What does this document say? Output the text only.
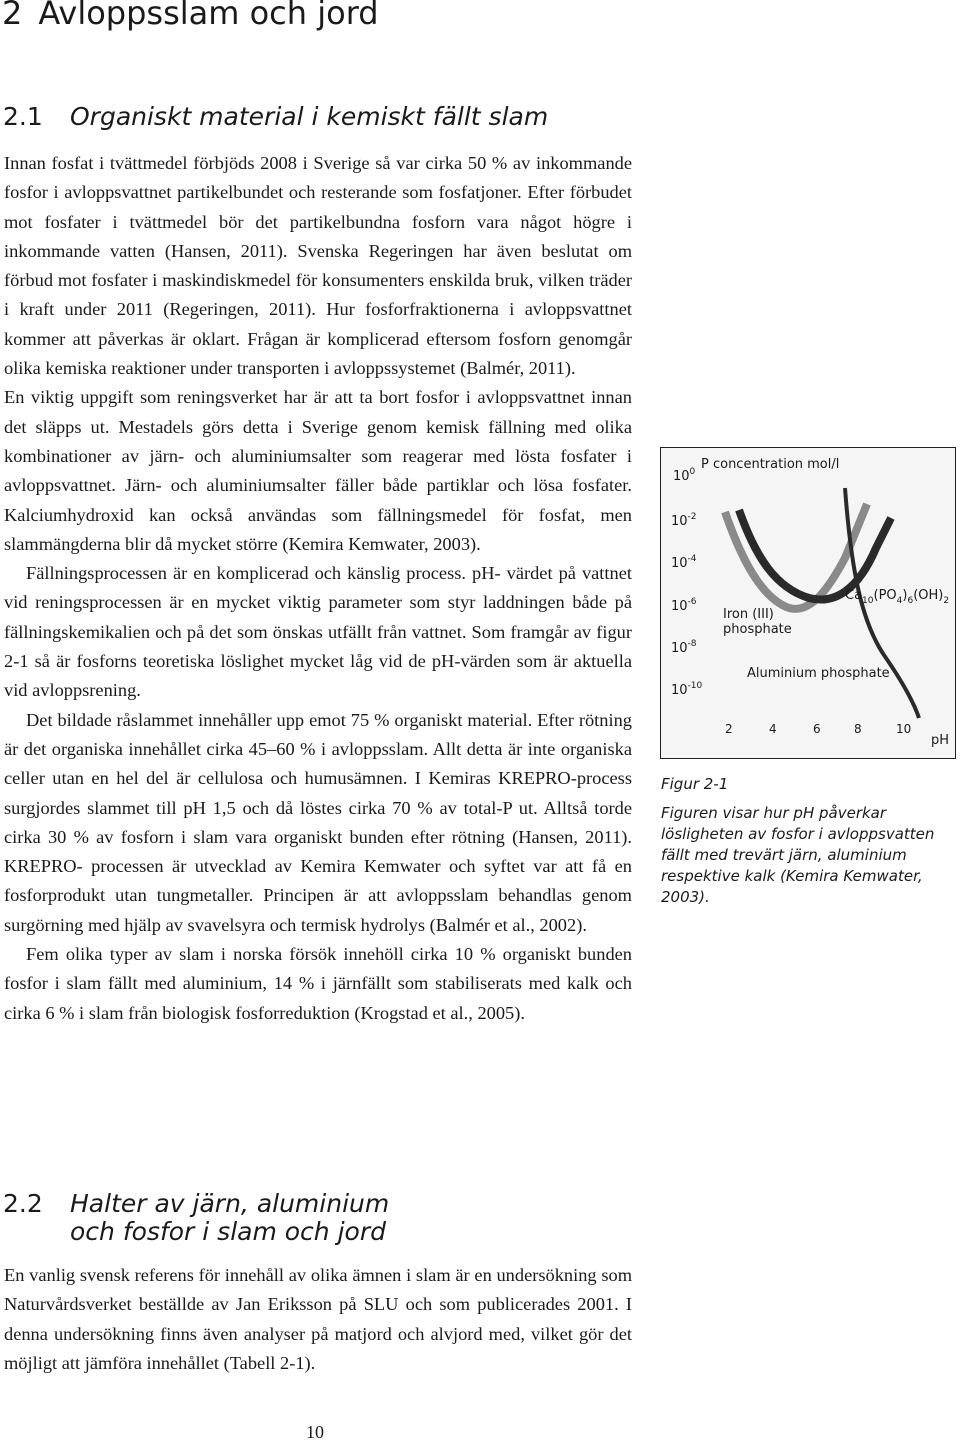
2 Avloppsslam och jord
2.1 Organiskt material i kemiskt fällt slam

Innan fosfat i tvättmedel förbjöds 2008 i Sverige så var cirka 50 % av inkommande fosfor i avloppsvattnet partikelbundet och resterande som fosfatjoner. Efter förbudet mot fosfater i tvättmedel bör det partikelbundna fosforn vara något högre i inkommande vatten (Hansen, 2011). Svenska Regeringen har även beslutat om förbud mot fosfater i maskindiskmedel för konsumenters enskilda bruk, vilken träder i kraft under 2011 (Regeringen, 2011). Hur fosforfraktionerna i avloppsvattnet kommer att påverkas är oklart. Frågan är komplicerad eftersom fosforn genomgår olika kemiska reaktioner under transporten i avloppssystemet (Balmér, 2011).

En viktig uppgift som reningsverket har är att ta bort fosfor i avloppsvattnet innan det släpps ut. Mestadels görs detta i Sverige genom kemisk fällning med olika kombinationer av järn- och aluminiumsalter som reagerar med lösta fosfater i avloppsvattnet. Järn- och aluminiumsalter fäller både partiklar och lösa fosfater. Kalciumhydroxid kan också användas som fällningsmedel för fosfat, men slammängderna blir då mycket större (Kemira Kemwater, 2003).

Fällningsprocessen är en komplicerad och känslig process. pH- värdet på vattnet vid reningsprocessen är en mycket viktig parameter som styr laddningen både på fällningskemikalien och på det som önskas utfällt från vattnet. Som framgår av figur 2-1 så är fosforns teoretiska löslighet mycket låg vid de pH-värden som är aktuella vid avloppsrening.

Det bildade råslammet innehåller upp emot 75 % organiskt material. Efter rötning är det organiska innehållet cirka 45–60 % i avloppsslam. Allt detta är inte organiska celler utan en hel del är cellulosa och humusämnen. I Kemiras KREPRO-process surgjordes slammet till pH 1,5 och då löstes cirka 70 % av total-P ut. Alltså torde cirka 30 % av fosforn i slam vara organiskt bunden efter rötning (Hansen, 2011). KREPRO- processen är utvecklad av Kemira Kemwater och syftet var att få en fosforprodukt utan tungmetaller. Principen är att avloppsslam behandlas genom surgörning med hjälp av svavelsyra och termisk hydrolys (Balmér et al., 2002).

Fem olika typer av slam i norska försök innehöll cirka 10 % organiskt bunden fosfor i slam fällt med aluminium, 14 % i järnfällt som stabiliserats med kalk och cirka 6 % i slam från biologisk fosforreduktion (Krogstad et al., 2005).

$10^0$
$10^{-2}$
$10^{-4}$
$10^{-6}$
$10^{-8}$
$10^{-10}$
P concentration mol/l
2	4	6	8	10
pH
$Ca_{10}(PO_4)_6(OH)_2$
Iron (III) phosphate
Aluminium phosphate
Figur 2-1
Figuren visar hur pH påverkar lösligheten av fosfor i avloppsvatten fällt med trevärt järn, aluminium respektive kalk (Kemira Kemwater, 2003).
2.2 Halter av järn, aluminium
och fosfor i slam och jord

En vanlig svensk referens för innehåll av olika ämnen i slam är en undersökning som Naturvårdsverket beställde av Jan Eriksson på SLU och som publicerades 2001. I denna undersökning finns även analyser på matjord och alvjord med, vilket gör det möjligt att jämföra innehållet (Tabell 2-1).

10
